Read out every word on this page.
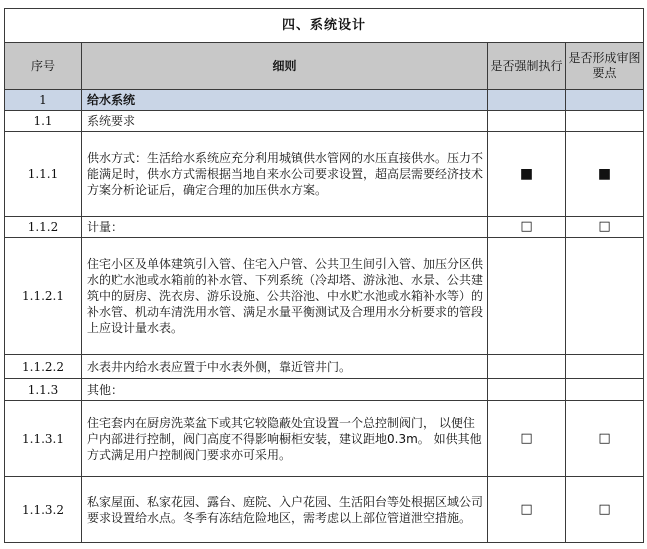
四、系统设计			
序号	细则	是否强制执行	是否形成审图要点
1	给水系统		
1.1	系统要求		
1.1.1	供水方式：生活给水系统应充分利用城镇供水管网的水压直接供水。压力不能满足时，供水方式需根据当地自来水公司要求设置，超高层需要经济技术方案分析论证后，确定合理的加压供水方案。	■	■
1.1.2	计量：	□	□
1.1.2.1	住宅小区及单体建筑引入管、住宅入户管、公共卫生间引入管、加压分区供水的贮水池或水箱前的补水管、下列系统（冷却塔、游泳池、水景、公共建筑中的厨房、洗衣房、游乐设施、公共浴池、中水贮水池或水箱补水等）的补水管、机动车清洗用水管、满足水量平衡测试及合理用水分析要求的管段上应设计量水表。		
1.1.2.2	水表井内给水表应置于中水表外侧，靠近管井门。		
1.1.3	其他：		
1.1.3.1	住宅套内在厨房洗菜盆下或其它较隐蔽处宜设置一个总控制阀门， 以便住户内部进行控制，阀门高度不得影响橱柜安装，建议距地0.3m。 如供其他方式满足用户控制阀门要求亦可采用。	□	□
1.1.3.2	私家屋面、私家花园、露台、庭院、入户花园、生活阳台等处根据区域公司要求设置给水点。冬季有冻结危险地区，需考虑以上部位管道泄空措施。	□	□
